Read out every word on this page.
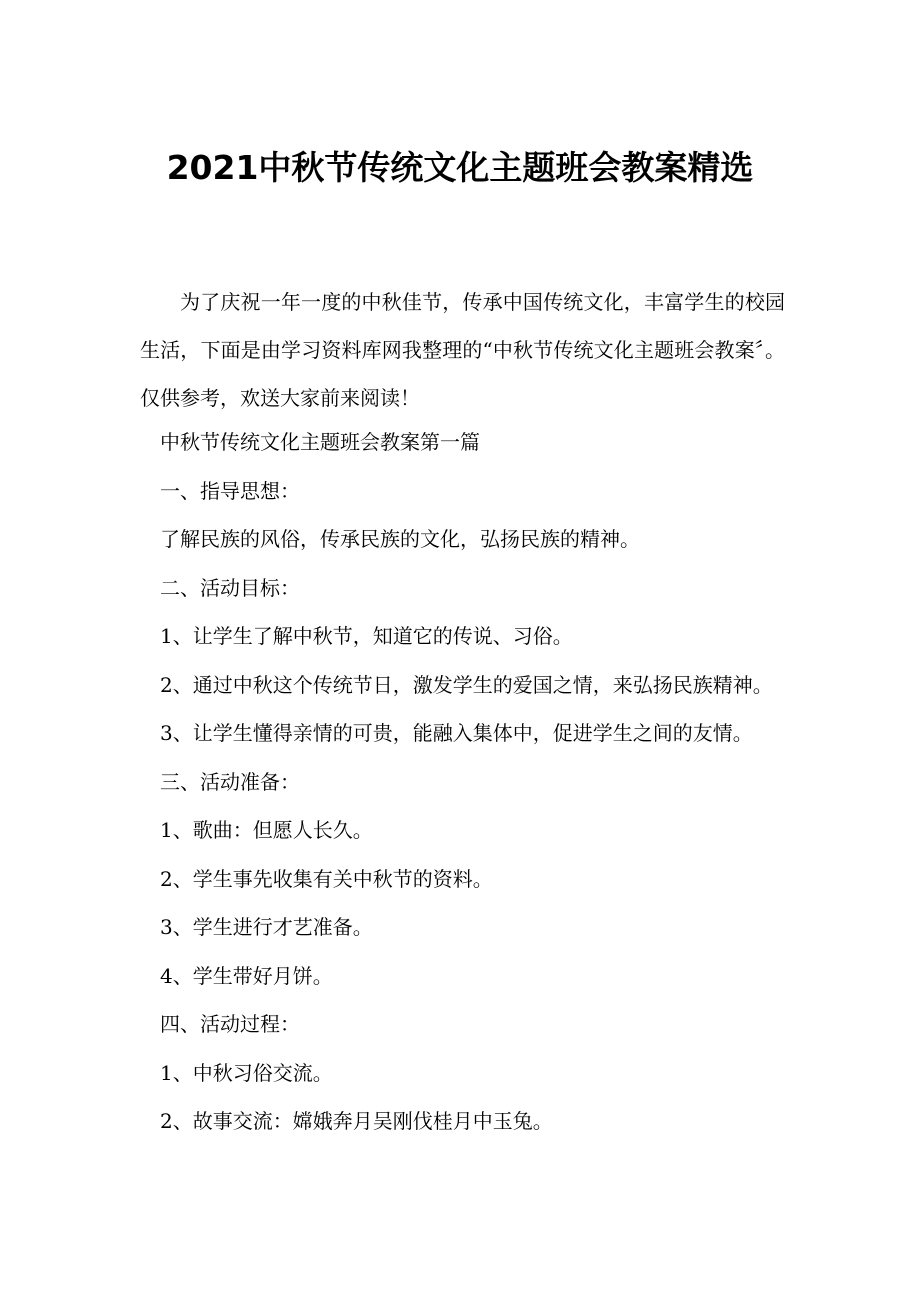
2021中秋节传统文化主题班会教案精选

为了庆祝一年一度的中秋佳节，传承中国传统文化，丰富学生的校园生活，下面是由学习资料库网我整理的“中秋节传统文化主题班会教案〞。仅供参考，欢送大家前来阅读！

中秋节传统文化主题班会教案第一篇
一、指导思想：
了解民族的风俗，传承民族的文化，弘扬民族的精神。
二、活动目标：
1、让学生了解中秋节，知道它的传说、习俗。
2、通过中秋这个传统节日，激发学生的爱国之情，来弘扬民族精神。
3、让学生懂得亲情的可贵，能融入集体中，促进学生之间的友情。
三、活动准备：
1、歌曲：但愿人长久。
2、学生事先收集有关中秋节的资料。
3、学生进行才艺准备。
4、学生带好月饼。
四、活动过程：
1、中秋习俗交流。
2、故事交流：嫦娥奔月吴刚伐桂月中玉兔。
